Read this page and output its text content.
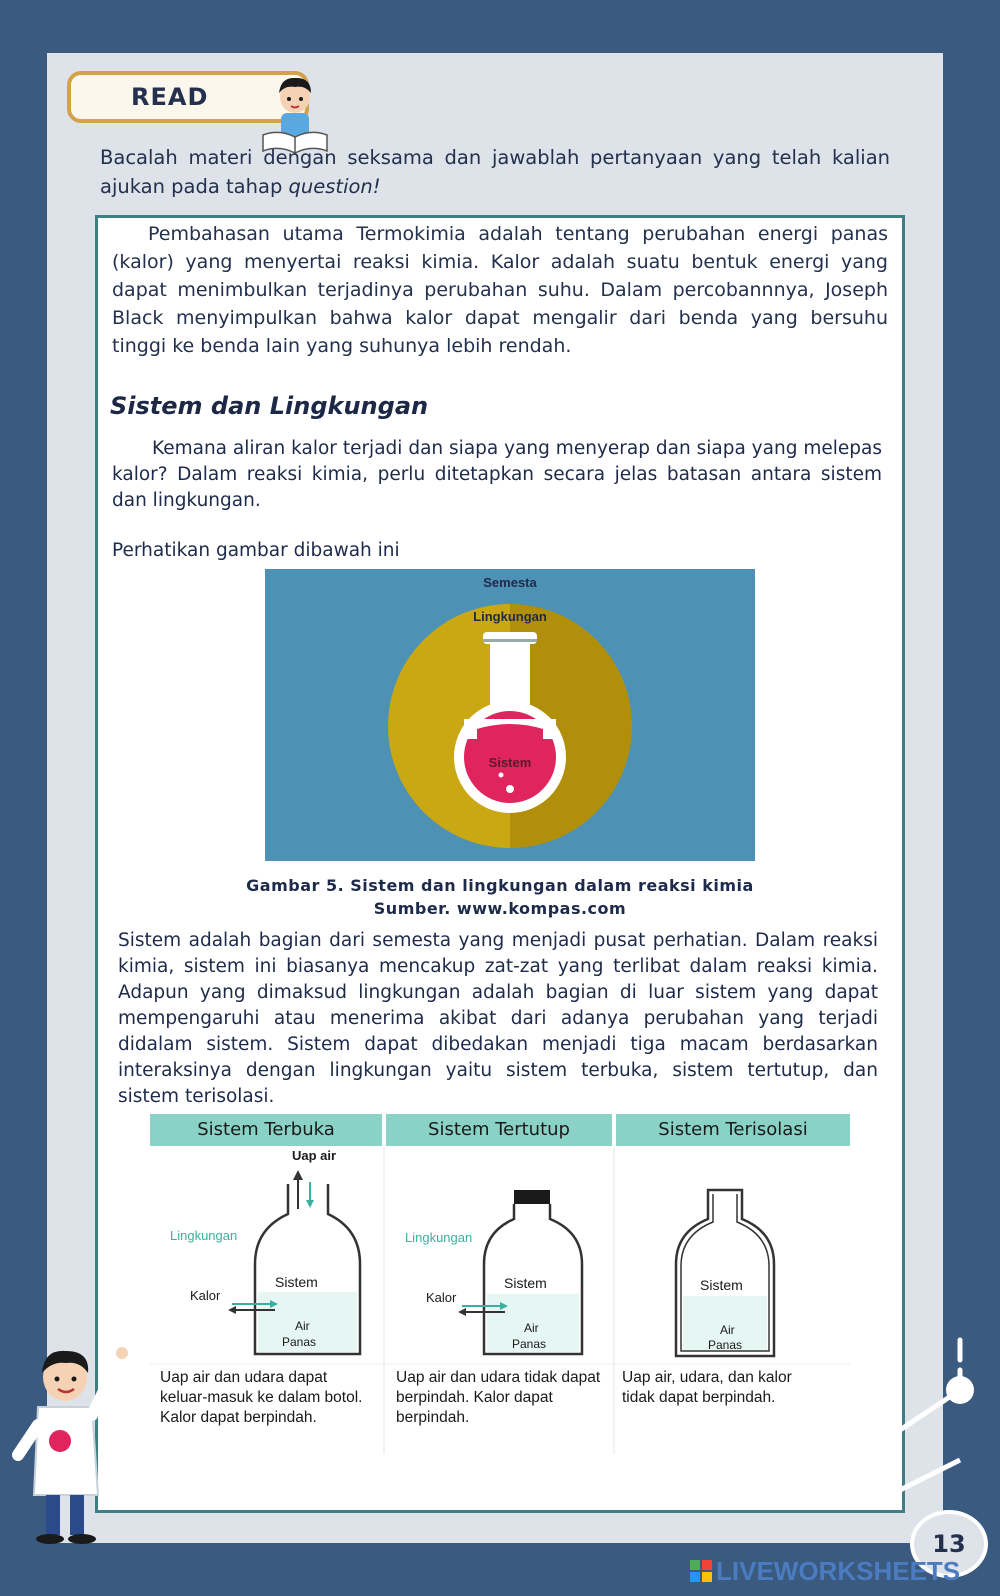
READ
Bacalah materi dengan seksama dan jawablah pertanyaan yang telah kalian ajukan pada tahap question!
Pembahasan utama Termokimia adalah tentang perubahan energi panas (kalor) yang menyertai reaksi kimia. Kalor adalah suatu bentuk energi yang dapat menimbulkan terjadinya perubahan suhu. Dalam percobannnya, Joseph Black menyimpulkan bahwa kalor dapat mengalir dari benda yang bersuhu tinggi ke benda lain yang suhunya lebih rendah.
Sistem dan Lingkungan
Kemana aliran kalor terjadi dan siapa yang menyerap dan siapa yang melepas kalor? Dalam reaksi kimia, perlu ditetapkan secara jelas batasan antara sistem dan lingkungan.
Perhatikan gambar dibawah ini
Semesta
Lingkungan
Sistem
Gambar 5. Sistem dan lingkungan dalam reaksi kimia
Sumber. www.kompas.com
Sistem adalah bagian dari semesta yang menjadi pusat perhatian. Dalam reaksi kimia, sistem ini biasanya mencakup zat-zat yang terlibat dalam reaksi kimia. Adapun yang dimaksud lingkungan adalah bagian di luar sistem yang dapat mempengaruhi atau menerima akibat dari adanya perubahan yang terjadi didalam sistem. Sistem dapat dibedakan menjadi tiga macam berdasarkan interaksinya dengan lingkungan yaitu sistem terbuka, sistem tertutup, dan sistem terisolasi.
Sistem Terbuka	Sistem Tertutup	Sistem Terisolasi
Uap air
Lingkungan
Kalor
Sistem
Air
Panas
Lingkungan
Kalor
Sistem
Air
Panas
Sistem
Air
Panas
Uap air dan udara dapat keluar-masuk ke dalam botol. Kalor dapat berpindah.
Uap air dan udara tidak dapat berpindah. Kalor dapat berpindah.
Uap air, udara, dan kalor tidak dapat berpindah.
13
LIVEWORKSHEETS
